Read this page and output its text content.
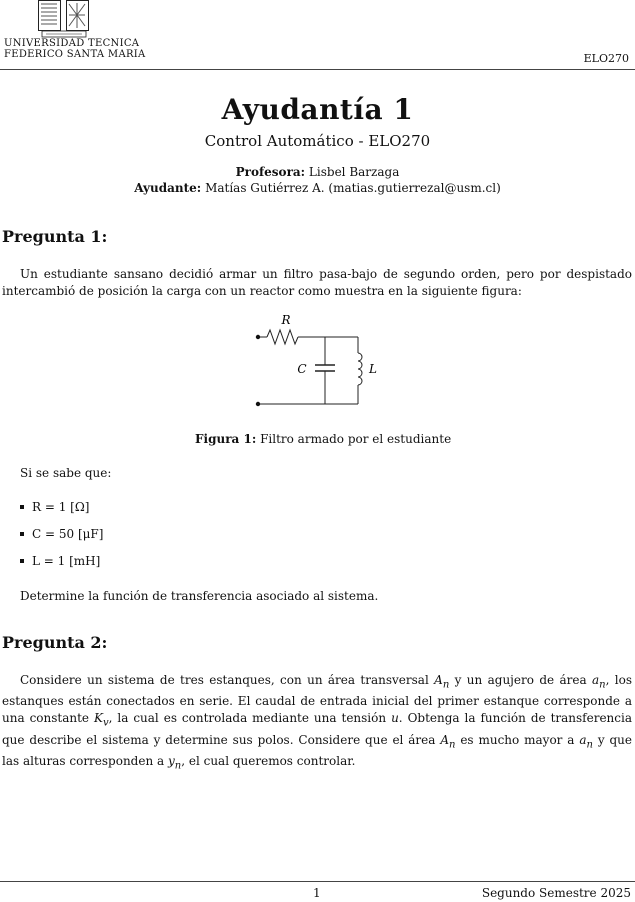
UNIVERSIDAD TECNICA
FEDERICO SANTA MARIA	ELO270
Ayudantía 1
Control Automático - ELO270
Profesora: Lisbel Barzaga
Ayudante: Matías Gutiérrez A. (matias.gutierrezal@usm.cl)
Pregunta 1:
Un estudiante sansano decidió armar un filtro pasa-bajo de segundo orden, pero por despistado intercambió de posición la carga con un reactor como muestra en la siguiente figura:
R
C	L
Figura 1: Filtro armado por el estudiante
Si se sabe que:
R = 1 [Ω]
C = 50 [μF]
L = 1 [mH]
Determine la función de transferencia asociado al sistema.
Pregunta 2:
Considere un sistema de tres estanques, con un área transversal $A_n$ y un agujero de área $a_n$, los estanques están conectados en serie. El caudal de entrada inicial del primer estanque corresponde a una constante $K_v$, la cual es controlada mediante una tensión u. Obtenga la función de transferencia que describe el sistema y determine sus polos. Considere que el área $A_n$ es mucho mayor a $a_n$ y que las alturas corresponden a $y_n$, el cual queremos controlar.
1	Segundo Semestre 2025
